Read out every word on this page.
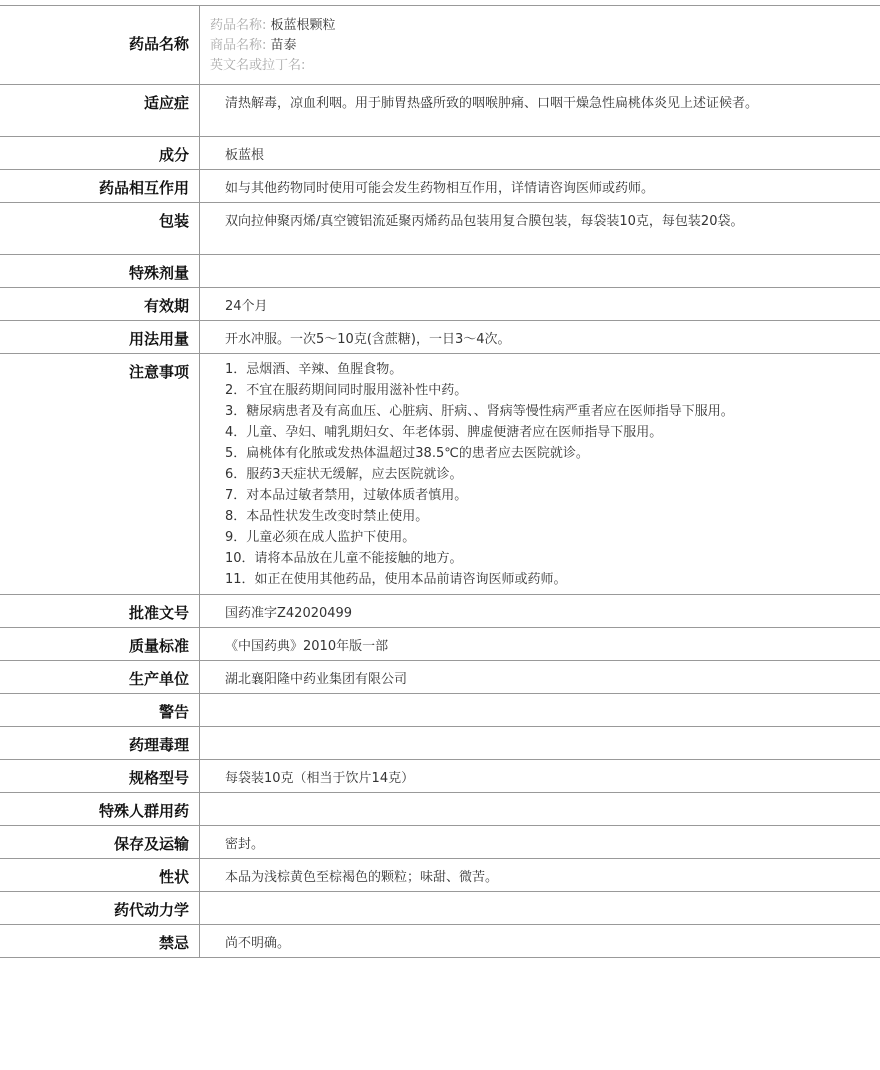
药品名称
药品名称: 板蓝根颗粒
商品名称: 苗泰
英文名或拉丁名:
适应症	清热解毒，凉血利咽。用于肺胃热盛所致的咽喉肿痛、口咽干燥急性扁桃体炎见上述证候者。
成分	板蓝根
药品相互作用	如与其他药物同时使用可能会发生药物相互作用，详情请咨询医师或药师。
包装	双向拉伸聚丙烯/真空镀铝流延聚丙烯药品包装用复合膜包装，每袋装10克，每包装20袋。
特殊剂量
有效期	24个月
用法用量	开水冲服。一次5～10克(含蔗糖)，一日3～4次。
注意事项	1．忌烟酒、辛辣、鱼腥食物。
2．不宜在服药期间同时服用滋补性中药。
3．糖尿病患者及有高血压、心脏病、肝病、、肾病等慢性病严重者应在医师指导下服用。
4．儿童、孕妇、哺乳期妇女、年老体弱、脾虚便溏者应在医师指导下服用。
5．扁桃体有化脓或发热体温超过38.5℃的患者应去医院就诊。
6．服药3天症状无缓解，应去医院就诊。
7．对本品过敏者禁用，过敏体质者慎用。
8．本品性状发生改变时禁止使用。
9．儿童必须在成人监护下使用。
10．请将本品放在儿童不能接触的地方。
11．如正在使用其他药品，使用本品前请咨询医师或药师。
批准文号	国药准字Z42020499
质量标准	《中国药典》2010年版一部
生产单位	湖北襄阳隆中药业集团有限公司
警告
药理毒理
规格型号	每袋装10克（相当于饮片14克）
特殊人群用药
保存及运输	密封。
性状	本品为浅棕黄色至棕褐色的颗粒；味甜、微苦。
药代动力学
禁忌	尚不明确。
